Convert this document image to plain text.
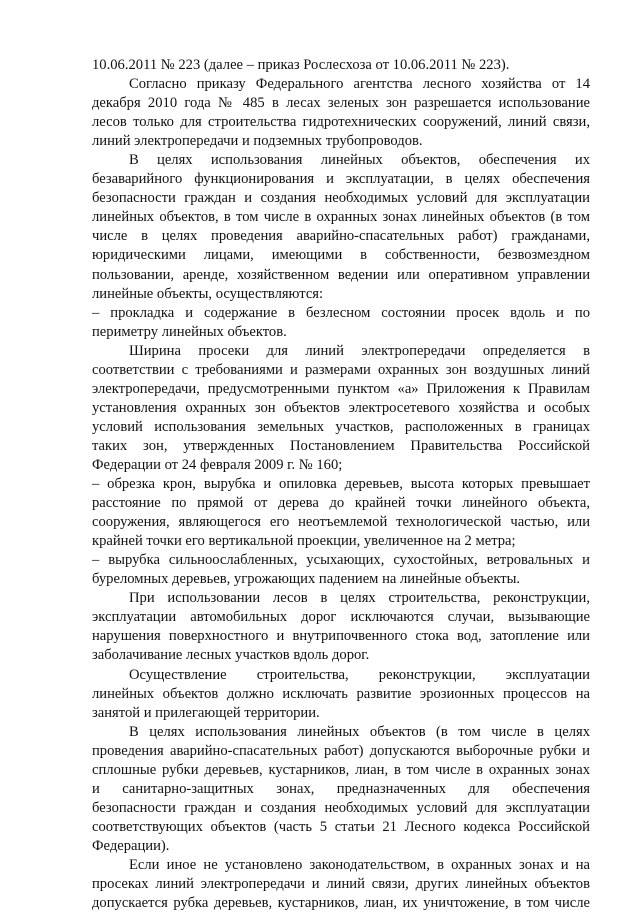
10.06.2011 № 223 (далее – приказ Рослесхоза от 10.06.2011 № 223).
Согласно приказу Федерального агентства лесного хозяйства от 14
декабря 2010 года № 485 в лесах зеленых зон разрешается использование
лесов только для строительства гидротехнических сооружений, линий связи,
линий электропередачи и подземных трубопроводов.
В целях использования линейных объектов, обеспечения их
безаварийного функционирования и эксплуатации, в целях обеспечения
безопасности граждан и создания необходимых условий для эксплуатации
линейных объектов, в том числе в охранных зонах линейных объектов (в том
числе в целях проведения аварийно-спасательных работ) гражданами,
юридическими лицами, имеющими в собственности, безвозмездном
пользовании, аренде, хозяйственном ведении или оперативном управлении
линейные объекты, осуществляются:
– прокладка и содержание в безлесном состоянии просек вдоль и по
периметру линейных объектов.
Ширина просеки для линий электропередачи определяется в
соответствии с требованиями и размерами охранных зон воздушных линий
электропередачи, предусмотренными пунктом «а» Приложения к Правилам
установления охранных зон объектов электросетевого хозяйства и особых
условий использования земельных участков, расположенных в границах
таких зон, утвержденных Постановлением Правительства Российской
Федерации от 24 февраля 2009 г. № 160;
– обрезка крон, вырубка и опиловка деревьев, высота которых превышает
расстояние по прямой от дерева до крайней точки линейного объекта,
сооружения, являющегося его неотъемлемой технологической частью, или
крайней точки его вертикальной проекции, увеличенное на 2 метра;
– вырубка сильноослабленных, усыхающих, сухостойных, ветровальных и
буреломных деревьев, угрожающих падением на линейные объекты.
При использовании лесов в целях строительства, реконструкции,
эксплуатации автомобильных дорог исключаются случаи, вызывающие
нарушения поверхностного и внутрипочвенного стока вод, затопление или
заболачивание лесных участков вдоль дорог.
Осуществление строительства, реконструкции, эксплуатации
линейных объектов должно исключать развитие эрозионных процессов на
занятой и прилегающей территории.
В целях использования линейных объектов (в том числе в целях
проведения аварийно-спасательных работ) допускаются выборочные рубки и
сплошные рубки деревьев, кустарников, лиан, в том числе в охранных зонах
и санитарно-защитных зонах, предназначенных для обеспечения
безопасности граждан и создания необходимых условий для эксплуатации
соответствующих объектов (часть 5 статьи 21 Лесного кодекса Российской
Федерации).
Если иное не установлено законодательством, в охранных зонах и на
просеках линий электропередачи и линий связи, других линейных объектов
допускается рубка деревьев, кустарников, лиан, их уничтожение, в том числе
